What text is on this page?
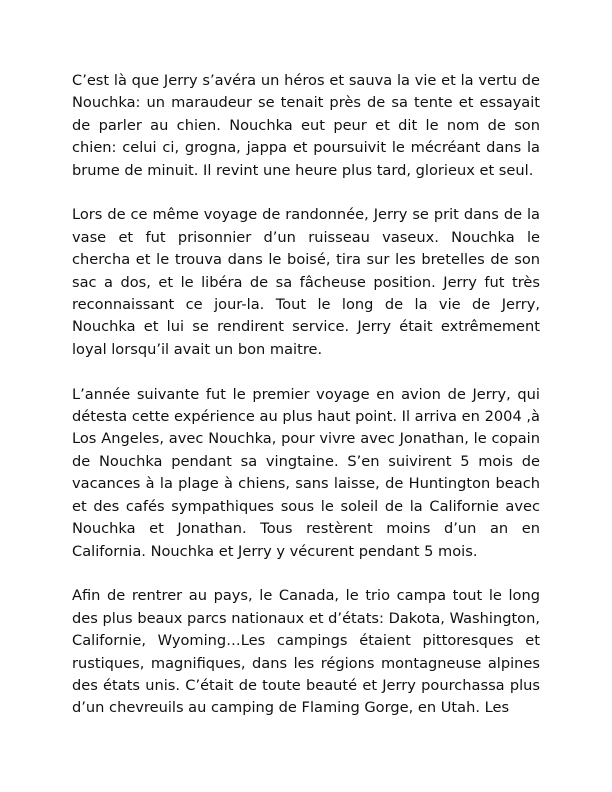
C’est là que Jerry s’avéra un héros et sauva la vie et la vertu de Nouchka: un maraudeur se tenait près de sa tente et essayait de parler au chien. Nouchka eut peur et dit le nom de son chien: celui ci, grogna, jappa et poursuivit le mécréant dans la brume de minuit. Il revint une heure plus tard, glorieux et seul.

Lors de ce même voyage de randonnée, Jerry se prit dans de la vase et fut prisonnier d’un ruisseau vaseux. Nouchka le chercha et le trouva dans le boisé, tira sur les bretelles de son sac a dos, et le libéra de sa fâcheuse position. Jerry fut très reconnaissant ce jour-la. Tout le long de la vie de Jerry, Nouchka et lui se rendirent service. Jerry était extrêmement loyal lorsqu’il avait un bon maitre.

L’année suivante fut le premier voyage en avion de Jerry, qui détesta cette expérience au plus haut point. Il arriva en 2004 ,à Los Angeles, avec Nouchka, pour vivre avec Jonathan, le copain de Nouchka pendant sa vingtaine. S’en suivirent 5 mois de vacances à la plage à chiens, sans laisse, de Huntington beach et des cafés sympathiques sous le soleil de la Californie avec Nouchka et Jonathan. Tous restèrent moins d’un an en California. Nouchka et Jerry y vécurent pendant 5 mois.

Afin de rentrer au pays, le Canada, le trio campa tout le long des plus beaux parcs nationaux et d’états: Dakota, Washington, Californie, Wyoming…Les campings étaient pittoresques et rustiques, magnifiques, dans les régions montagneuse alpines des états unis. C’était de toute beauté et Jerry pourchassa plus d’un chevreuils au camping de Flaming Gorge, en Utah. Les
